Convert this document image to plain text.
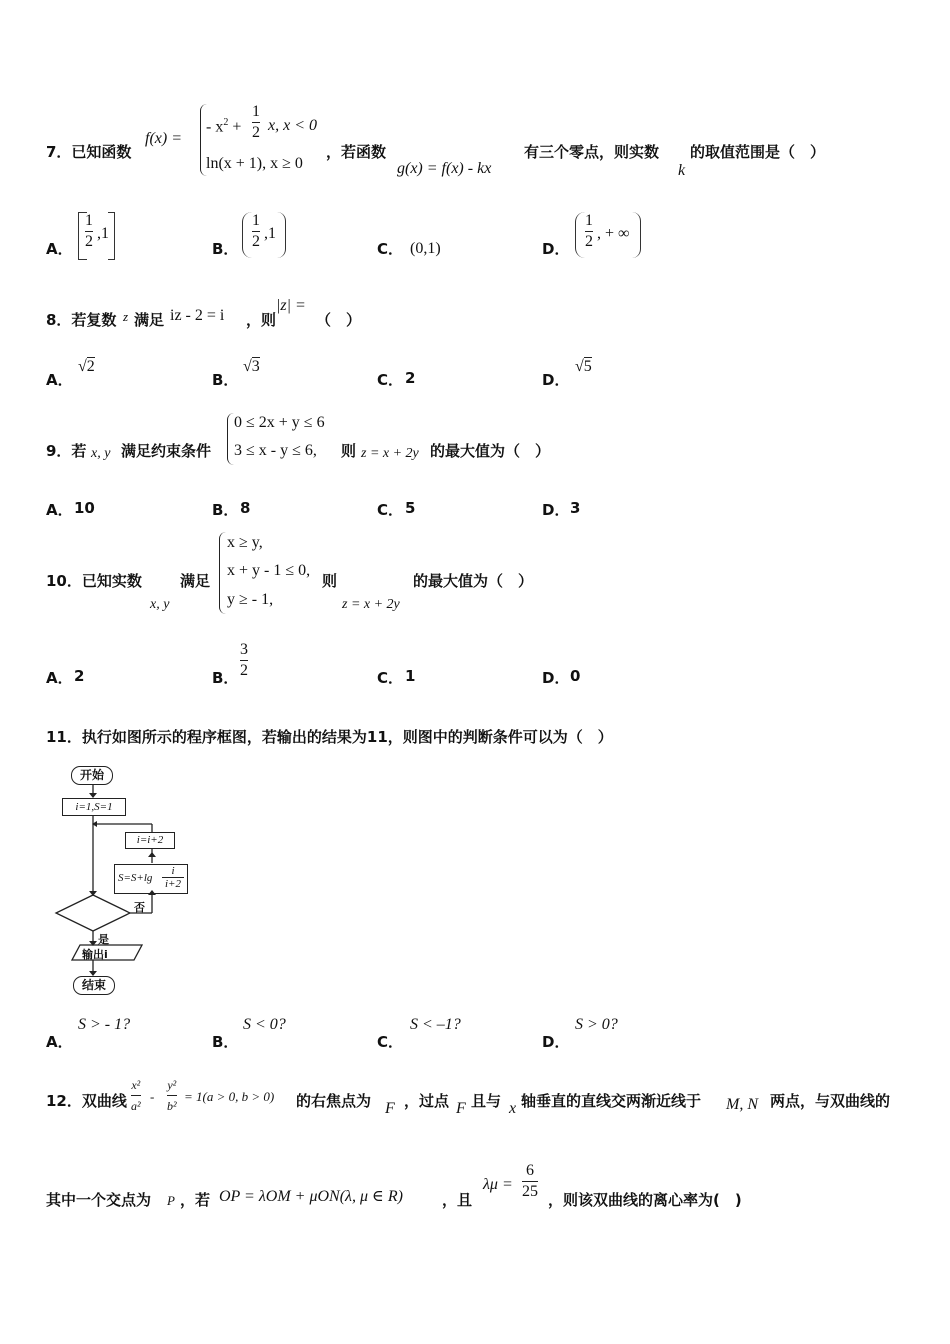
7．已知函数
f(x) =
- $x^2 + \frac{1}{2} x$, x < 0
ln(x + 1), x ≥ 0
，若函数
g(x) = f(x) - kx
有三个零点，则实数
k
的取值范围是（　）
A． $\frac{1}{2} ,1$
B． $\frac{1}{2} ,1$
C． (0,1)	D． $\frac{1}{2}$ , + ∞
8．若复数 z 满足 iz - 2 = i ，则
|z| =
（　）
A．
√2
B．
√3
C． 2	D．
√5
9．若 x, y 满足约束条件
0 ≤ 2x + y ≤ 6
3 ≤ x - y ≤ 6, 则 z = x + 2y 的最大值为（　）
A． 10	B． 8	C． 5	D． 3
10．已知实数
x, y
满足
x ≥ y,
x + y - 1 ≤ 0,
y ≥ - 1,
则
z = x + 2y
的最大值为（　）
A． 2	B． $\frac{3}{2}$	C． 1	D． 0
11．执行如图所示的程序框图，若输出的结果为11，则图中的判断条件可以为（　）
开始
i=1,S=1
i=i+2
S=S+lg
i
i+2
否
是
输出i
结束
A．
S > - 1?
B．
S < 0?
C．
S < –1?
D．
S > 0?
12．双曲线 $\frac{\text{x²}}{\text{a²}} - \frac{\text{y²}}{\text{b²}} = 1(a > 0$, b > 0) 的右焦点为 F ，过点 F 且与 x 轴垂直的直线交两渐近线于 M, N 两点，与双曲线的
其中一个交点为 P ，若 OP = λOM + μON(λ, μ ∈ R)	，且
$\lambda\mu = \frac{6}{25}$ ，则该双曲线的离心率为(　)
